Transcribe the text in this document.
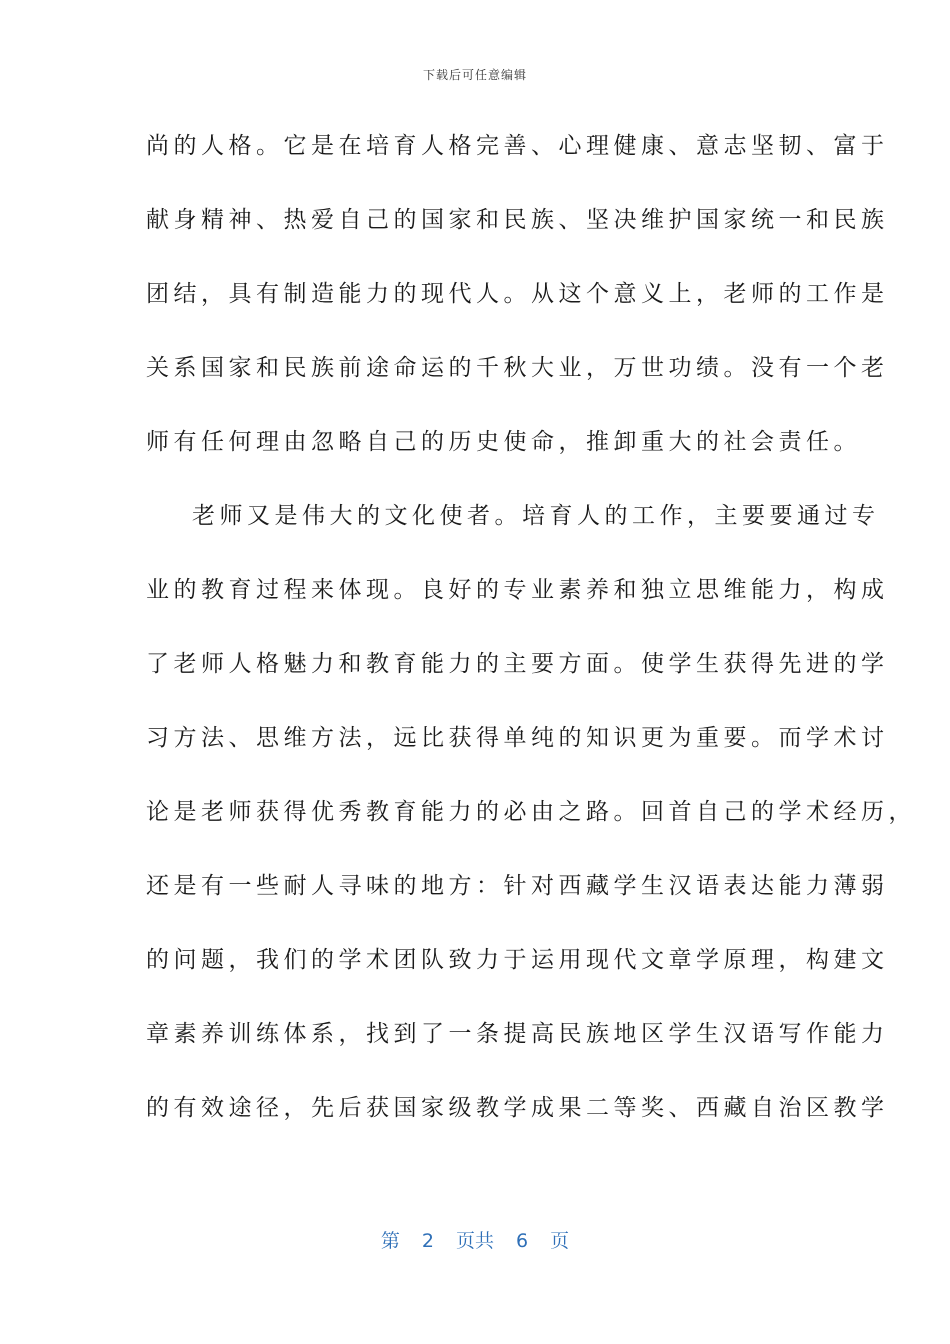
下载后可任意编辑
尚的人格。它是在培育人格完善、心理健康、意志坚韧、富于
献身精神、热爱自己的国家和民族、坚决维护国家统一和民族
团结，具有制造能力的现代人。从这个意义上，老师的工作是
关系国家和民族前途命运的千秋大业，万世功绩。没有一个老
师有任何理由忽略自己的历史使命，推卸重大的社会责任。
老师又是伟大的文化使者。培育人的工作，主要要通过专
业的教育过程来体现。良好的专业素养和独立思维能力，构成
了老师人格魅力和教育能力的主要方面。使学生获得先进的学
习方法、思维方法，远比获得单纯的知识更为重要。而学术讨
论是老师获得优秀教育能力的必由之路。回首自己的学术经历，
还是有一些耐人寻味的地方：针对西藏学生汉语表达能力薄弱
的问题，我们的学术团队致力于运用现代文章学原理，构建文
章素养训练体系，找到了一条提高民族地区学生汉语写作能力
的有效途径，先后获国家级教学成果二等奖、西藏自治区教学
第 2 页共 6 页
